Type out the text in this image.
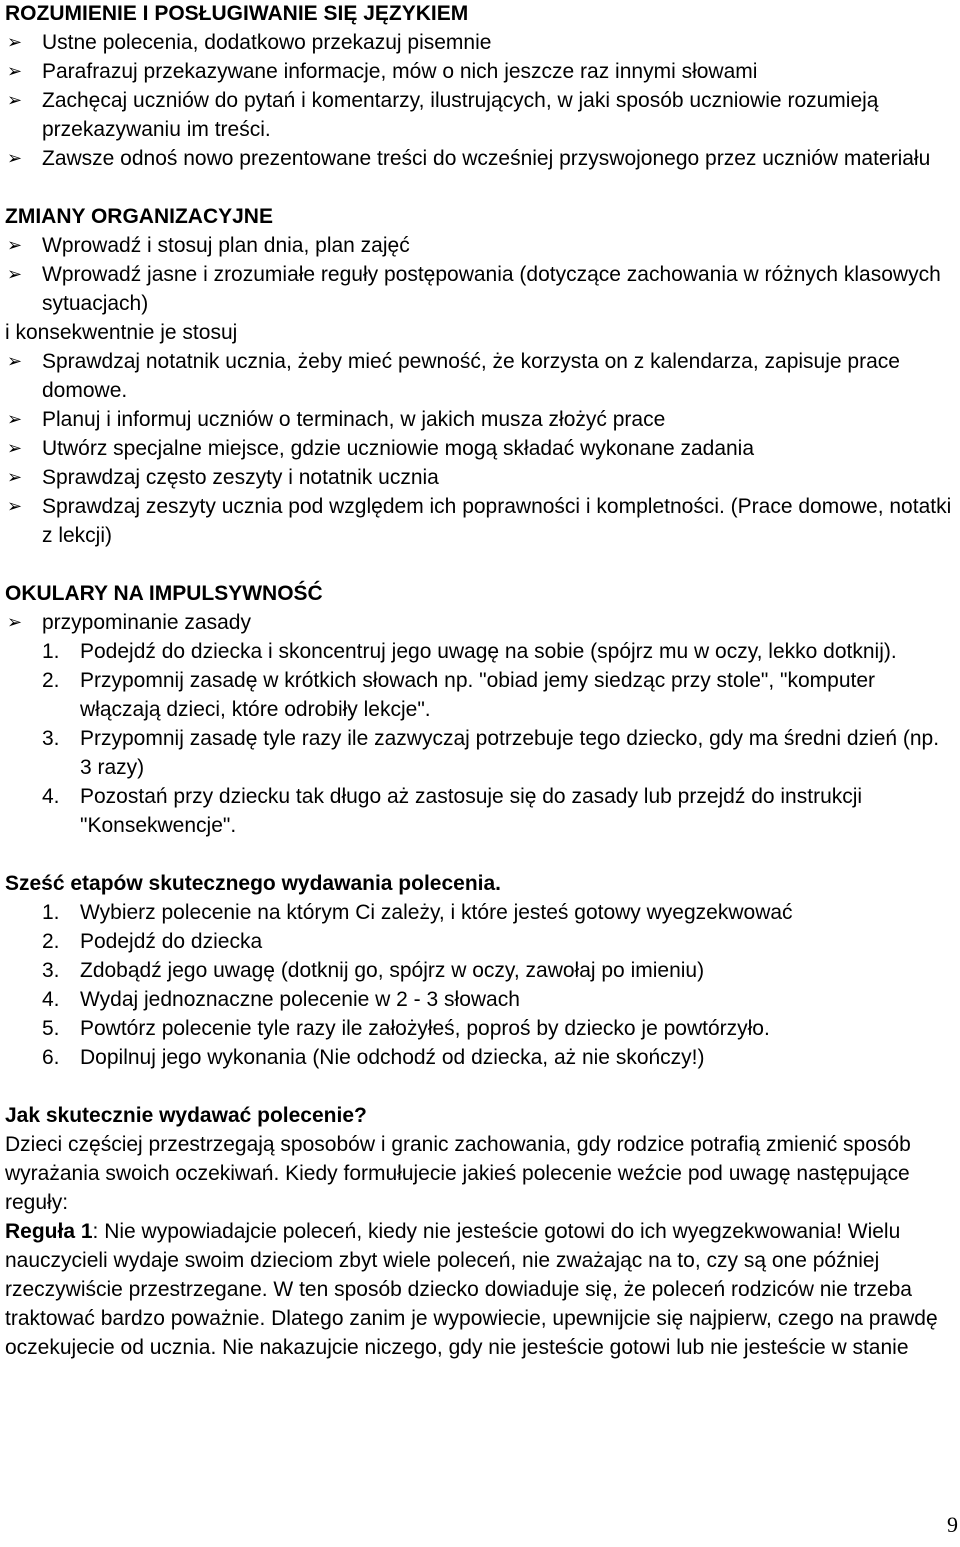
ROZUMIENIE I POSŁUGIWANIE SIĘ JĘZYKIEM
➢ Ustne polecenia, dodatkowo przekazuj pisemnie
➢ Parafrazuj przekazywane informacje, mów o nich jeszcze raz innymi słowami
➢ Zachęcaj uczniów do pytań i komentarzy, ilustrujących, w jaki sposób uczniowie rozumieją przekazywaniu im treści.
➢ Zawsze odnoś nowo prezentowane treści do wcześniej przyswojonego przez uczniów materiału
ZMIANY ORGANIZACYJNE
➢ Wprowadź i stosuj plan dnia, plan zajęć
➢ Wprowadź jasne i zrozumiałe reguły postępowania (dotyczące zachowania w różnych klasowych sytuacjach)

i konsekwentnie je stosuj

➢ Sprawdzaj notatnik ucznia, żeby mieć pewność, że korzysta on z kalendarza, zapisuje prace domowe.
➢ Planuj i informuj uczniów o terminach, w jakich musza złożyć prace
➢ Utwórz specjalne miejsce, gdzie uczniowie mogą składać wykonane zadania
➢ Sprawdzaj często zeszyty i notatnik ucznia
➢ Sprawdzaj zeszyty ucznia pod względem ich poprawności i kompletności. (Prace domowe, notatki z lekcji)
OKULARY NA IMPULSYWNOŚĆ
➢ przypominanie zasady
1. Podejdź do dziecka i skoncentruj jego uwagę na sobie (spójrz mu w oczy, lekko dotknij).
2. Przypomnij zasadę w krótkich słowach np. "obiad jemy siedząc przy stole", "komputer włączają dzieci, które odrobiły lekcje".
3. Przypomnij zasadę tyle razy ile zazwyczaj potrzebuje tego dziecko, gdy ma średni dzień (np. 3 razy)
4. Pozostań przy dziecku tak długo aż zastosuje się do zasady lub przejdź do instrukcji "Konsekwencje".
Sześć etapów skutecznego wydawania polecenia.
1. Wybierz polecenie na którym Ci zależy, i które jesteś gotowy wyegzekwować
2. Podejdź do dziecka
3. Zdobądź jego uwagę (dotknij go, spójrz w oczy, zawołaj po imieniu)
4. Wydaj jednoznaczne polecenie w 2 - 3 słowach
5. Powtórz polecenie tyle razy ile założyłeś, poproś by dziecko je powtórzyło.
6. Dopilnuj jego wykonania (Nie odchodź od dziecka, aż nie skończy!)
Jak skutecznie wydawać polecenie?

Dzieci częściej przestrzegają sposobów i granic zachowania, gdy rodzice potrafią zmienić sposób wyrażania swoich oczekiwań. Kiedy formułujecie jakieś polecenie weźcie pod uwagę następujące reguły:

Reguła 1: Nie wypowiadajcie poleceń, kiedy nie jesteście gotowi do ich wyegzekwowania! Wielu nauczycieli wydaje swoim dzieciom zbyt wiele poleceń, nie zważając na to, czy są one później rzeczywiście przestrzegane. W ten sposób dziecko dowiaduje się, że poleceń rodziców nie trzeba traktować bardzo poważnie. Dlatego zanim je wypowiecie, upewnijcie się najpierw, czego na prawdę oczekujecie od ucznia. Nie nakazujcie niczego, gdy nie jesteście gotowi lub nie jesteście w stanie

9
